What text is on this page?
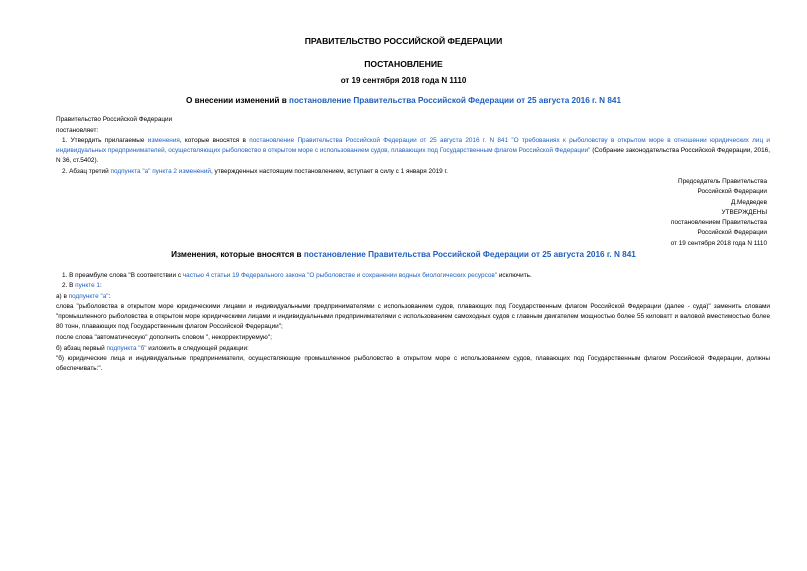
ПРАВИТЕЛЬСТВО РОССИЙСКОЙ ФЕДЕРАЦИИ
ПОСТАНОВЛЕНИЕ
от 19 сентября 2018 года N 1110
О внесении изменений в постановление Правительства Российской Федерации от 25 августа 2016 г. N 841
Правительство Российской Федерации
постановляет:
1. Утвердить прилагаемые изменения, которые вносятся в постановление Правительства Российской Федерации от 25 августа 2016 г. N 841 "О требованиях к рыболовству в открытом море в отношении юридических лиц и индивидуальных предпринимателей, осуществляющих рыболовство в открытом море с использованием судов, плавающих под Государственным флагом Российской Федерации" (Собрание законодательства Российской Федерации, 2016, N 36, ст.5402).
2. Абзац третий подпункта "а" пункта 2 изменений, утвержденных настоящим постановлением, вступает в силу с 1 января 2019 г.
Председатель Правительства
Российской Федерации
Д.Медведев
УТВЕРЖДЕНЫ
постановлением Правительства
Российской Федерации
от 19 сентября 2018 года N 1110
Изменения, которые вносятся в постановление Правительства Российской Федерации от 25 августа 2016 г. N 841
1. В преамбуле слова "В соответствии с частью 4 статьи 19 Федерального закона "О рыболовстве и сохранении водных биологических ресурсов" исключить.
2. В пункте 1:
а) в подпункте "а":
слова "рыболовства в открытом море юридическими лицами и индивидуальными предпринимателями с использованием судов, плавающих под Государственным флагом Российской Федерации (далее - суда)" заменить словами "промышленного рыболовства в открытом море юридическими лицами и индивидуальными предпринимателями с использованием самоходных судов с главным двигателем мощностью более 55 киловатт и валовой вместимостью более 80 тонн, плавающих под Государственным флагом Российской Федерации";
после слова "автоматическую" дополнить словом ", некорректируемую";
б) абзац первый подпункта "б" изложить в следующей редакции:
"б) юридические лица и индивидуальные предприниматели, осуществляющие промышленное рыболовство в открытом море с использованием судов, плавающих под Государственным флагом Российской Федерации, должны обеспечивать:".
